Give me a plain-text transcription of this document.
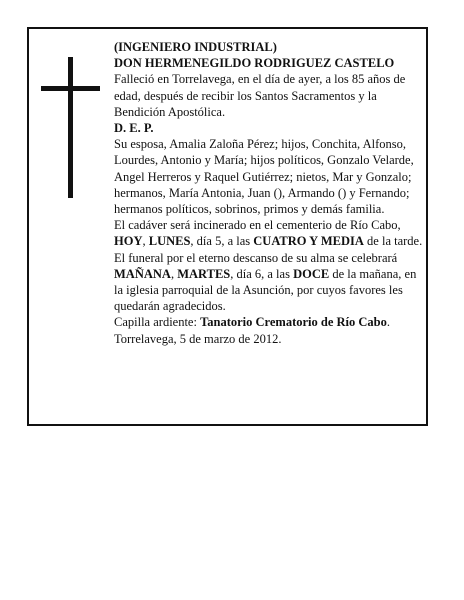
(INGENIERO INDUSTRIAL)

DON HERMENEGILDO RODRIGUEZ CASTELO

Falleció en Torrelavega, en el día de ayer, a los 85 años de edad, después de recibir los Santos Sacramentos y la Bendición Apostólica.

D. E. P.

Su esposa, Amalia Zaloña Pérez; hijos, Conchita, Alfonso, Lourdes, Antonio y María; hijos políticos, Gonzalo Velarde, Angel Herreros y Raquel Gutiérrez; nietos, Mar y Gonzalo; hermanos, María Antonia, Juan (), Armando () y Fernando; hermanos políticos, sobrinos, primos y demás familia.

El cadáver será incinerado en el cementerio de Río Cabo, HOY, LUNES, día 5, a las CUATRO Y MEDIA de la tarde.

El funeral por el eterno descanso de su alma se celebrará MAÑANA, MARTES, día 6, a las DOCE de la mañana, en la iglesia parroquial de la Asunción, por cuyos favores les quedarán agradecidos.

Capilla ardiente: Tanatorio Crematorio de Río Cabo.

Torrelavega, 5 de marzo de 2012.
